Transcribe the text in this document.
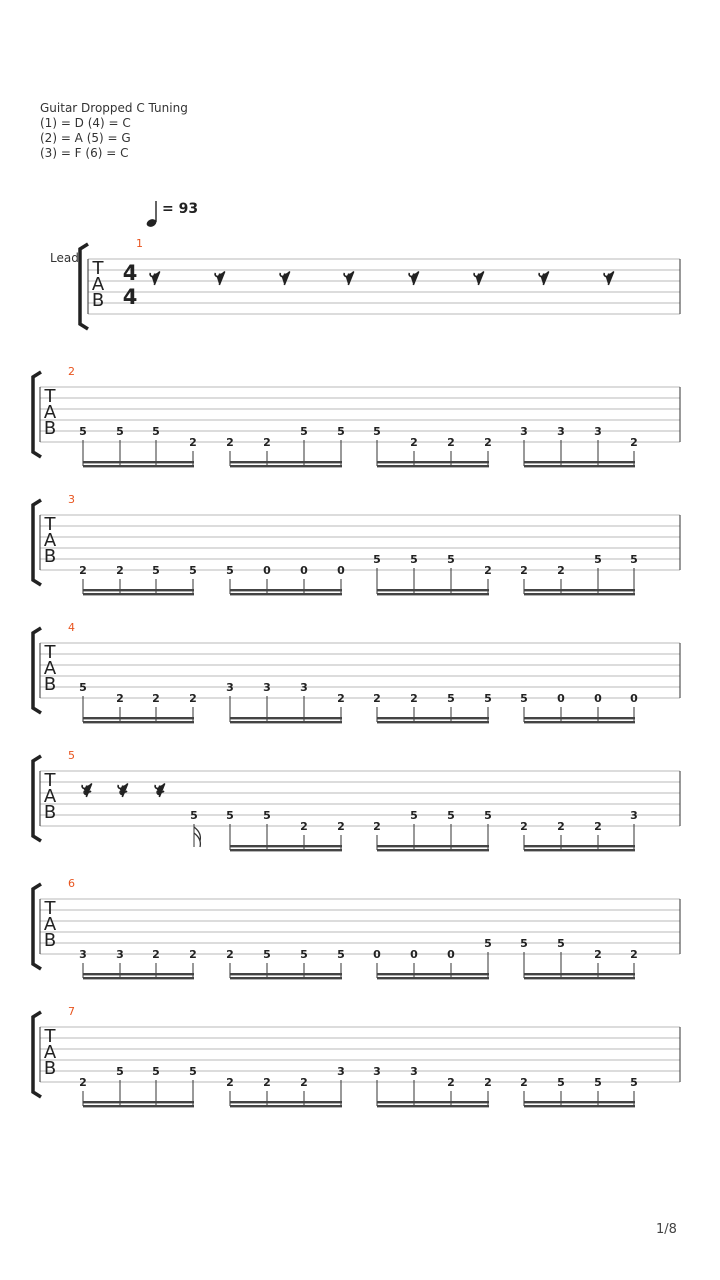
Guitar Dropped C Tuning
(1) = D (4) = C
(2) = A (5) = G
(3) = F (6) = C
= 93
T
A
B
1
Lead
4
4
T
A
B
2
5	5	5
2	2	2
5	5	5
2	2	2
3	3	3
2
T
A
B
3
2	2	5	5	5	0	0	0
5	5	5
2	2	2
5	5
T
A
B
4
5
2	2	2
3	3	3
2	2	2	5	5	5	0	0	0
T
A
B
5
5	5	5
2	2	2
5	5	5
2	2	2
3
T
A
B
6
3	3	2	2	2	5	5	5	0	0	0
5	5	5
2	2
T
A
B
7
2
5	5	5
2	2	2
3	3	3
2	2	2	5	5	5
1/8
